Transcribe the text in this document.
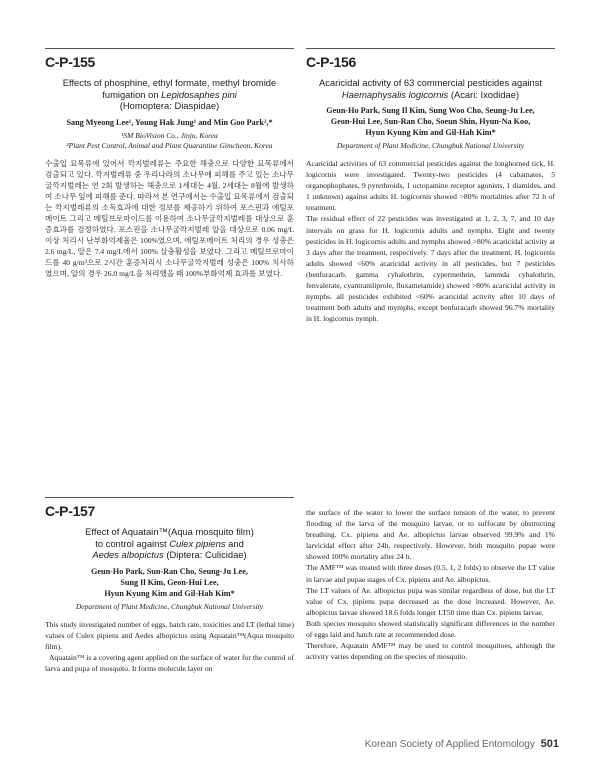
C-P-155
Effects of phosphine, ethyl formate, methyl bromide
fumigation on Lepidosaphes pini
(Homoptera: Diaspidae)
Sang Myeong Lee¹, Young Hak Jung¹ and Min Goo Park²,*
¹SM BioVision Co., Jinju, Korea
²Plant Pest Control, Animal and Plant Quarantine Gimcheon, Korea
수출입 묘목류에 있어서 깍지벌레류는 주요한 해충으로 다양한 묘목류에서 검출되고 있다. 깍지벌레류 중 우리나라의 소나무에 피해를 주고 있는 소나무굴깍지벌레는 연 2회 발생하는 해충으로 1세대는 4월, 2세대는 8월에 발생하여 소나무 잎에 피해를 준다. 따라서 본 연구에서는 수출입 묘목류에서 검출되는 깍지벌레류의 소독효과에 대한 정보를 제공하기 위하여 포스핀과 에틸포메이트 그리고 메틸브로마이드를 이용하여 소나무굴깍지벌레를 대상으로 훈증효과를 검정하였다. 포스핀을 소나무굴깍지벌레 알을 대상으로 0.06 mg/L 이상 처리시 난부화억제율은 100%였으며, 에틸포메이트 처리의 경우 성충은 2.6 mg/L, 알은 7.4 mg/L에서 100% 살충활성을 보였다. 그리고 메틸브로마이드를 40 g/m³으로 2시간 훈증처리시 소나무굴깍지벌레 성충은 100% 치사하였으며, 알의 경우 26.0 mg/L을 처리했을 때 100%부화억제 효과를 보였다.
C-P-156
Acaricidal activity of 63 commercial pesticides against
Haemaphysalis logicornis (Acari: Ixodidae)
Geun-Ho Park, Sung Il Kim, Sung Woo Cho, Seung-Ju Lee,
Geon-Hui Lee, Sun-Ran Cho, Soeun Shin, Hyun-Na Koo,
Hyun Kyung Kim and Gil-Hah Kim*
Department of Plant Medicine, Chungbuk National University

Acaricidal activities of 63 commercial pesticides against the longhorned tick, H. logicornis were investigated. Twenty-two pesticides (4 cabamates, 5 organophophates, 9 pyrethroids, 1 octopamine receptor agonists, 1 diamides, and 1 unknown) against adults H. logicornis showed >80% mortalities after 72 h of treatment.

The residual effect of 22 pesticides was investigated at 1, 2, 3, 7, and 10 day intervals on grass for H. logicornis adults and nymphs. Eight and twenty pesticides in H. logicornis adults and nymphs showed >80% acaricidal activity at 3 days after the treatment, respectively. 7 days after the treatment, H. logicornis adults showed <60% acaricidal activity in all pesticides, but 7 pesticides (benfuracarb, gamma cyhalothrin, cypermethrin, lammda cyhalothrin, fenvalerate, cyantraniliprole, fluxametamide) showed >80% acaricidal activity in nymphs. all pesticides exhibited <60% acaricidal activity after 10 days of treatment both adults and mymphs, except benfuracarb showed 96.7% mortality in H. logicornis nymph.

C-P-157
Effect of Aquatain™(Aqua mosquito film)
to control against Culex pipiens and
Aedes albopictus (Diptera: Culicidae)
Geun-Ho Park, Sun-Ran Cho, Seung-Ju Lee,
Sung Il Kim, Geon-Hui Lee,
Hyun Kyung Kim and Gil-Hah Kim*
Department of Plant Medicine, Chungbuk National University

This study investigated number of eggs, hatch rate, toxicities and LT (lethal time) values of Culex pipiens and Aedes albopictus using Aquatain™(Aqua mosquito film).

Aquatain™ is a covering agent applied on the surface of water for the control of larva and pupa of mosquito. It forms molecule layer on

the surface of the water to lower the surface tension of the water, to prevent flooding of the larva of the mosquito larvae, or to suffocate by obstructing breathing. Cx. pipiens and Ae. albopictus larvae observed 99.9% and 1% larvicidal effect after 24h, respectively. However, both mosquito pupae were showed 100% mortality after 24 h.

The AMF™ was treated with three doses (0.5, 1, 2 folds) to observe the LT value in larvae and pupae stages of Cx. pipiens and Ae. albopictus.

The LT values of Ae. albopictus pupa was similar regardless of dose, but the LT value of Cx. pipiens pupa decreased as the dose increased. However, Ae. albopictus larvae showed 18.6 folds longer LT50 time than Cx. pipiens larvae.

Both species mosquito showed statistically significant differences in the number of eggs laid and hatch rate at recommended dose.

Therefore, Aquatain AMF™ may be used to control mosquitoes, although the activity varies depending on the species of mosquito.

Korean Society of Applied Entomology 501
